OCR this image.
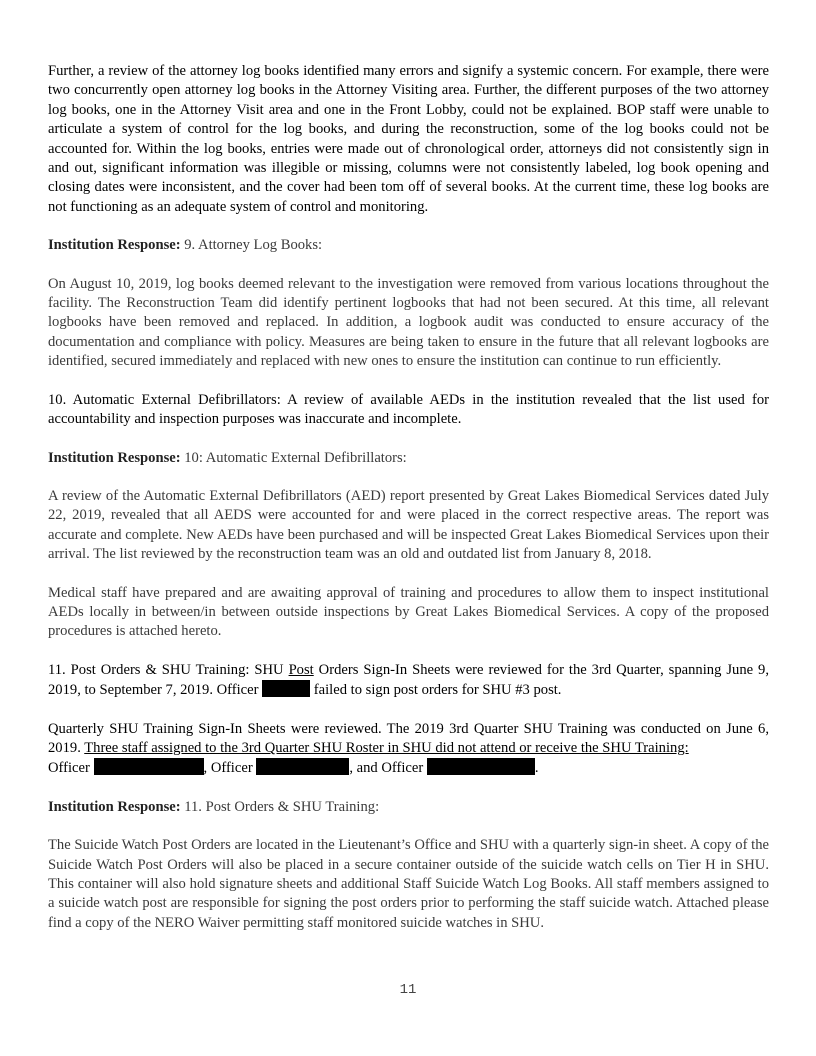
Further, a review of the attorney log books identified many errors and signify a systemic concern. For example, there were two concurrently open attorney log books in the Attorney Visiting area. Further, the different purposes of the two attorney log books, one in the Attorney Visit area and one in the Front Lobby, could not be explained. BOP staff were unable to articulate a system of control for the log books, and during the reconstruction, some of the log books could not be accounted for. Within the log books, entries were made out of chronological order, attorneys did not consistently sign in and out, significant information was illegible or missing, columns were not consistently labeled, log book opening and closing dates were inconsistent, and the cover had been tom off of several books. At the current time, these log books are not functioning as an adequate system of control and monitoring.

Institution Response: 9. Attorney Log Books:

On August 10, 2019, log books deemed relevant to the investigation were removed from various locations throughout the facility. The Reconstruction Team did identify pertinent logbooks that had not been secured. At this time, all relevant logbooks have been removed and replaced. In addition, a logbook audit was conducted to ensure accuracy of the documentation and compliance with policy. Measures are being taken to ensure in the future that all relevant logbooks are identified, secured immediately and replaced with new ones to ensure the institution can continue to run efficiently.

10. Automatic External Defibrillators: A review of available AEDs in the institution revealed that the list used for accountability and inspection purposes was inaccurate and incomplete.

Institution Response: 10: Automatic External Defibrillators:

A review of the Automatic External Defibrillators (AED) report presented by Great Lakes Biomedical Services dated July 22, 2019, revealed that all AEDS were accounted for and were placed in the correct respective areas. The report was accurate and complete. New AEDs have been purchased and will be inspected Great Lakes Biomedical Services upon their arrival. The list reviewed by the reconstruction team was an old and outdated list from January 8, 2018.

Medical staff have prepared and are awaiting approval of training and procedures to allow them to inspect institutional AEDs locally in between/in between outside inspections by Great Lakes Biomedical Services. A copy of the proposed procedures is attached hereto.

11. Post Orders & SHU Training: SHU Post Orders Sign-In Sheets were reviewed for the 3rd Quarter, spanning June 9, 2019, to September 7, 2019. Officer	failed to sign post orders for SHU #3 post.

Quarterly SHU Training Sign-In Sheets were reviewed. The 2019 3rd Quarter SHU Training was conducted on June 6, 2019. Three staff assigned to the 3rd Quarter SHU Roster in SHU did not attend or receive the SHU Training:
Officer	, Officer	, and Officer	.

Institution Response: 11. Post Orders & SHU Training:

The Suicide Watch Post Orders are located in the Lieutenant’s Office and SHU with a quarterly sign-in sheet. A copy of the Suicide Watch Post Orders will also be placed in a secure container outside of the suicide watch cells on Tier H in SHU. This container will also hold signature sheets and additional Staff Suicide Watch Log Books. All staff members assigned to a suicide watch post are responsible for signing the post orders prior to performing the staff suicide watch. Attached please find a copy of the NERO Waiver permitting staff monitored suicide watches in SHU.

11
